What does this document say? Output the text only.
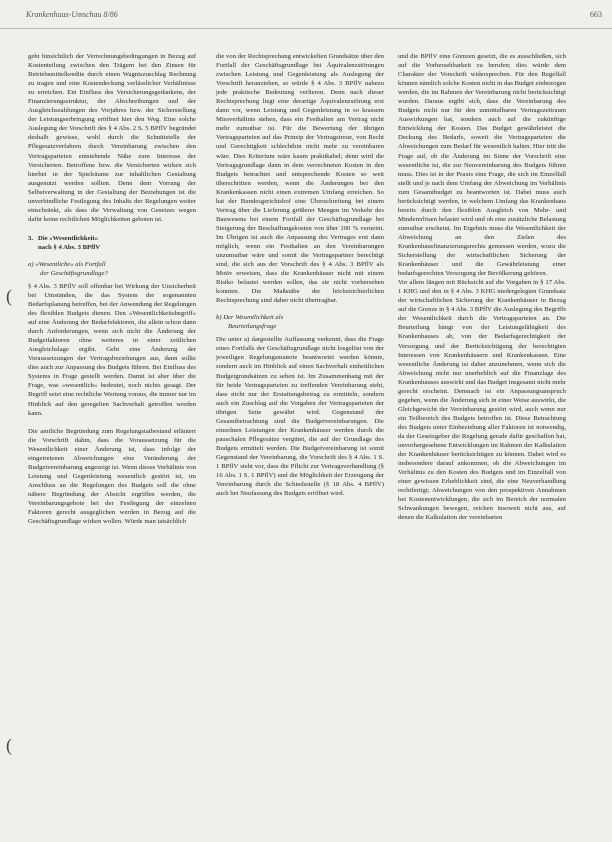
Krankenhaus-Umschau 8/86	663
(
(

geht hinsichtlich der Verrechnungsbedingungen in Bezug auf Kostenteilung zwischen den Trägern bei den Zinsen für Betriebsmittelkredite durch einen Wagniszuschlag Rechnung zu tragen und eine Kostendeckung verlässlicher Verhältnisse zu erreichen. Ein Einfluss des Versicherungsgedankens, der Finanzierungsstruktur, der Abschreibungen und der Ausgleichszahlungen des Vorjahres bzw. der Sicherstellung der Leistungserbringung eröffnet hier den Weg. Eine solche Auslegung der Vorschrift des § 4 Abs. 2 S. 5 BPflV begründet deshalb gewisse, wohl durch die Schnittstelle der Pflegesatzverfahren durch Vereinbarung zwischen den Vertragsparteien entstehende Nähe zum Interesse der Versicherten. Betroffene bzw. die Versicherten wirken sich hierbei in der Spielräume zur inhaltlichen Gestaltung ausgenutzt werden sollten. Denn dem Vorrang der Selbstverwaltung in der Gestaltung der Beziehungen ist die unverbindliche Festlegung des Inhalts der Regelungen weiter einschränkt, als dass die Verwaltung von Gesetzes wegen dafür keine rechtlichen Möglichkeiten geboten ist.

3. Die »Wesentlichkeit«
nach § 4 Abs. 3 BPflV
a) »Wesentliche« als Fortfall
der Geschäftsgrundlage?

§ 4 Abs. 3 BPflV soll offenbar bei Wirkung der Unsicherheit bei Umständen, die das System der sogenannten Bedarfsplanung betreffen, bei der Anwendung der Regelungen des flexiblen Budgets dienen. Den »Wesentlichkeitsbegriff« auf eine Änderung der Bedarfsfaktoren, die allein schon dann durch Anforderungen, wenn sich nicht die Änderung der Budgetfaktoren ohne weiteres in einer zeitlichen Ausgleichslage ergibt. Geht eine Änderung der Voraussetzungen der Vertragsbeziehungen aus, dann sollte dies auch zur Anpassung des Budgets führen. Bei Einfluss des Systems in Frage gestellt werden. Damit ist aber über die Frage, was »wesentlich« bedeutet, noch nichts gesagt. Der Begriff setzt eine rechtliche Wertung voraus, die immer nur im Hinblick auf den geregelten Sachverhalt getroffen werden kann.

Die amtliche Begründung zum Regelungstatbestand erläutert die Vorschrift dahin, dass die Voraussetzung für die Wesentlichkeit einer Änderung ist, dass infolge der eingetretenen Abweichungen eine Veränderung der Budgetvereinbarung angezeigt ist. Wenn dieses Verhältnis von Leistung und Gegenleistung wesentlich gestört ist, im Anschluss an die Regelungen des Budgets soll die ohne nähere Begründung der Absicht ergriffen werden, die Vereinbarungsgebote bei der Festlegung der einzelnen Faktoren gerecht ausgeglichen werden in Bezug auf die Geschäftsgrundlage wirken wollen. Würde man tatsächlich

die von der Rechtsprechung entwickelten Grundsätze über den Fortfall der Geschäftsgrundlage bei Äquivalenzstörungen zwischen Leistung und Gegenleistung als Auslegung der Vorschrift heranziehen, so würde § 4 Abs. 3 BPflV nahezu jede praktische Bedeutung verlieren. Denn nach dieser Rechtsprechung liegt eine derartige Äquivalenzstörung erst dann vor, wenn Leistung und Gegenleistung in so krassem Missverhältnis stehen, dass ein Festhalten am Vertrag nicht mehr zumutbar ist. Für die Bewertung der übrigen Vertragsparteien auf das Prinzip der Vertragstreue, von Recht und Gerechtigkeit schlechthin nicht mehr zu vereinbaren wäre. Dies Kriterium wäre kaum praktikabel; denn wird die Vertragsgrundlage dann in dem verrechneten Kosten in den Budgets betrachtet und entsprechende Kosten so weit überschritten werden, wenn die Änderungen bei den Krankenkassen nicht einen extremen Umfang erreichen. So hat der Bundesgerichtshof eine Überschreitung bei einem Vertrag über die Lieferung größerer Mengen im Verkehr des Bauwesens bei einem Fortfall der Geschäftsgrundlage bei Steigerung der Beschaffungskosten von über 100 % verneint. Im Übrigen ist auch die Anpassung des Vertrages erst dann möglich, wenn ein Festhalten an den Vereinbarungen unzumutbar wäre und somit die Vertragspartner berechtigt sind, die sich aus der Vorschrift des § 4 Abs. 3 BPflV als Motiv erweisen, dass die Krankenhäuser nicht mit einem Risiko belastet werden sollen, das sie nicht vorhersehen konnten. Die Maßstäbe der höchstrichterlichen Rechtsprechung sind daher nicht übertragbar.

b) Der Wesentlichkeit als
Beurteilungsfrage

Die unter a) dargestellte Auffassung verkennt, dass die Frage eines Fortfalls der Geschäftsgrundlage nicht losgelöst von der jeweiligen Regelungsmaterie beantwortet werden könnte, sondern auch im Hinblick auf einen Sachverhalt einheitlichen Budgetgrundsätzen zu sehen ist. Im Zusammenhang mit der für beide Vertragsparteien zu treffenden Vereinbarung steht, dass nicht nur der Erstattungsbetrag zu ermitteln, sondern auch ein Zuschlag auf die Vorgaben der Vertragsparteien der übrigen Seite gewährt wird. Gegenstand der Gesamtbetrachtung sind die Budgetvereinbarungen. Die einzelnen Leistungen der Krankenhäuser werden durch die pauschalen Pflegesätze vergütet, die auf der Grundlage des Budgets ermittelt werden. Die Budgetvereinbarung ist somit Gegenstand der Vereinbarung, die Vorschrift des § 4 Abs. 1 S. 1 BPflV sieht vor, dass die Pflicht zur Vertragsverhandlung (§ 16 Abs. 1 S. 1 BPflV) und die Möglichkeit der Erzeugung der Vereinbarung durch die Schiedsstelle (§ 18 Abs. 4 BPflV) auch bei Neufassung des Budgets eröffnet wird.

und die BPflV eine Grenzen gesetzt, die es ausschließen, sich auf die Vorhersehbarkeit zu berufen; dies würde dem Charakter der Vorschrift widersprechen. Für den Regelfall können nämlich solche Kosten nicht in das Budget einbezogen werden, die im Rahmen der Vereinbarung nicht berücksichtigt wurden. Daraus ergibt sich, dass die Vereinbarung des Budgets nicht nur für den unmittelbaren Vertragszeitraum Auswirkungen hat, sondern auch auf die zukünftige Entwicklung der Kosten. Das Budget gewährleistet die Deckung des Bedarfs, soweit die Vertragsparteien die Abweichungen zum Bedarf für wesentlich halten. Hier tritt die Frage auf, ob die Änderung im Sinne der Vorschrift eine wesentliche ist, die zur Neuvereinbarung des Budgets führen muss. Dies ist in der Praxis eine Frage, die sich im Einzelfall stellt und je nach dem Umfang der Abweichung im Verhältnis zum Gesamtbudget zu beantworten ist. Dabei muss auch berücksichtigt werden, in welchem Umfang das Krankenhaus bereits durch den flexiblen Ausgleich von Mehr- und Mindererlösen belastet wird und ob eine zusätzliche Belastung zumutbar erscheint. Im Ergebnis muss die Wesentlichkeit der Abweichung an den Zielen des Krankenhausfinanzierungsrechts gemessen werden, wozu die Sicherstellung der wirtschaftlichen Sicherung der Krankenhäuser und die Gewährleistung einer bedarfsgerechten Versorgung der Bevölkerung gehören.

Vor allem fängen mit Rücksicht auf die Vorgaben in § 17 Abs. 1 KHG und den in § 4 Abs. 3 KHG niedergelegten Grundsatz der wirtschaftlichen Sicherung der Krankenhäuser in Bezug auf die Grenze in § 4 Abs. 3 BPflV die Auslegung des Begriffs der Wesentlichkeit durch die Vertragsparteien an. Die Beurteilung hängt von der Leistungsfähigkeit des Krankenhauses ab, von der Bedarfsgerechtigkeit der Versorgung und der Berücksichtigung der berechtigten Interessen von Krankenhäusern und Krankenkassen. Eine wesentliche Änderung ist daher anzunehmen, wenn sich die Abweichung nicht nur unerheblich auf die Finanzlage des Krankenhauses auswirkt und das Budget insgesamt nicht mehr gerecht erscheint. Demnach ist ein Anpassungsanspruch gegeben, wenn die Änderung sich in einer Weise auswirkt, die Gleichgewicht der Vereinbarung gestört wird, auch wenn nur ein Teilbereich des Budgets betroffen ist. Diese Betrachtung des Budgets unter Einbeziehung aller Faktoren ist notwendig, da der Gesetzgeber die Regelung gerade dafür geschaffen hat, unvorhergesehene Entwicklungen im Rahmen der Kalkulation der Krankenhäuser berücksichtigen zu können. Dabei wird es insbesondere darauf ankommen, ob die Abweichungen im Verhältnis zu den Kosten des Budgets und im Einzelfall von einer gewissen Erheblichkeit sind, die eine Neuverhandlung rechtfertigt; Abweichungen von den prospektiven Annahmen bei Kostenentwicklungen, die sich im Bereich der normalen Schwankungen bewegen, reichen insoweit nicht aus, auf denen die Kalkulation der vereinbarten
